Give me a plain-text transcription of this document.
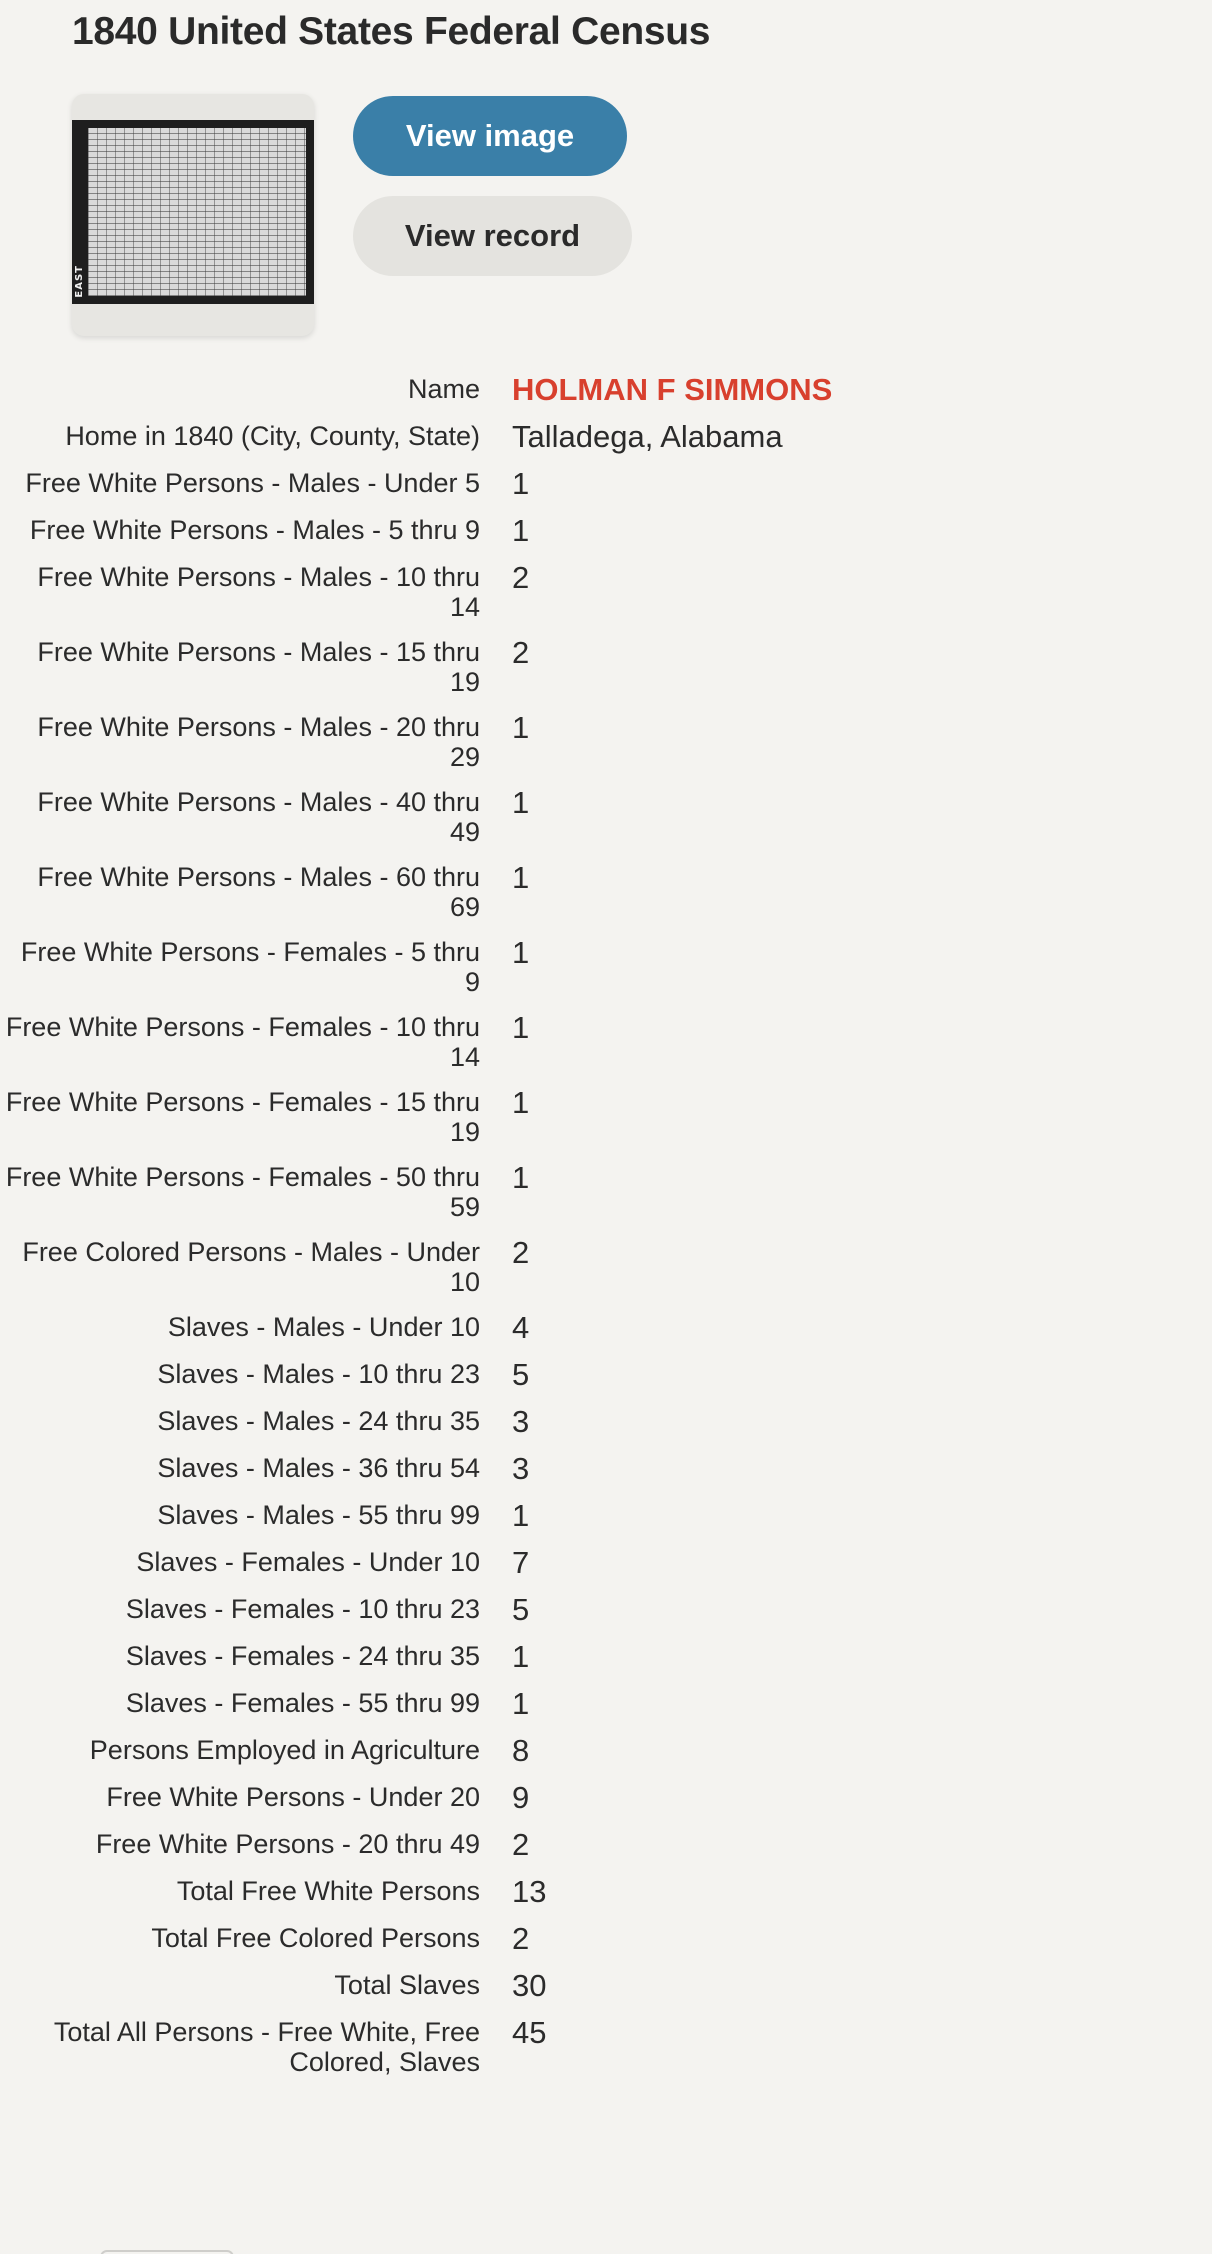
1840 United States Federal Census
EAST
View image
View record
Name HOLMAN F SIMMONS
Home in 1840 (City, County, State) Talladega, Alabama
Free White Persons - Males - Under 5 1
Free White Persons - Males - 5 thru 9 1
Free White Persons - Males - 10 thru 14
2
Free White Persons - Males - 15 thru 19
2
Free White Persons - Males - 20 thru 29
1
Free White Persons - Males - 40 thru 49
1
Free White Persons - Males - 60 thru 69
1
Free White Persons - Females - 5 thru 9
1
Free White Persons - Females - 10 thru 14
1
Free White Persons - Females - 15 thru 19
1
Free White Persons - Females - 50 thru 59
1
Free Colored Persons - Males - Under 10
2
Slaves - Males - Under 10 4
Slaves - Males - 10 thru 23 5
Slaves - Males - 24 thru 35 3
Slaves - Males - 36 thru 54 3
Slaves - Males - 55 thru 99 1
Slaves - Females - Under 10 7
Slaves - Females - 10 thru 23 5
Slaves - Females - 24 thru 35 1
Slaves - Females - 55 thru 99 1
Persons Employed in Agriculture 8
Free White Persons - Under 20 9
Free White Persons - 20 thru 49 2
Total Free White Persons 13
Total Free Colored Persons 2
Total Slaves 30
Total All Persons - Free White, Free Colored, Slaves
45
